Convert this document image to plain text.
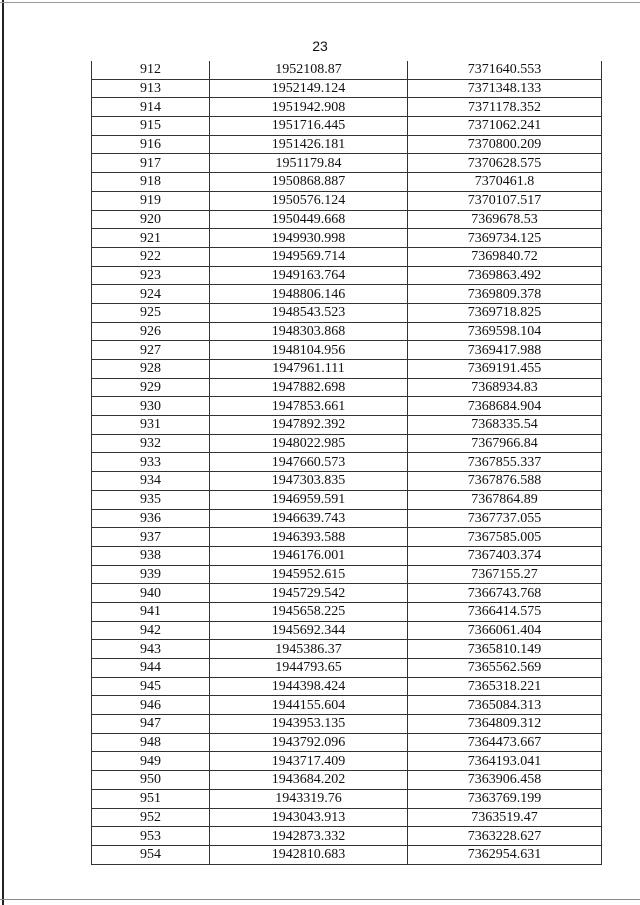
23
912	1952108.87	7371640.553
913	1952149.124	7371348.133
914	1951942.908	7371178.352
915	1951716.445	7371062.241
916	1951426.181	7370800.209
917	1951179.84	7370628.575
918	1950868.887	7370461.8
919	1950576.124	7370107.517
920	1950449.668	7369678.53
921	1949930.998	7369734.125
922	1949569.714	7369840.72
923	1949163.764	7369863.492
924	1948806.146	7369809.378
925	1948543.523	7369718.825
926	1948303.868	7369598.104
927	1948104.956	7369417.988
928	1947961.111	7369191.455
929	1947882.698	7368934.83
930	1947853.661	7368684.904
931	1947892.392	7368335.54
932	1948022.985	7367966.84
933	1947660.573	7367855.337
934	1947303.835	7367876.588
935	1946959.591	7367864.89
936	1946639.743	7367737.055
937	1946393.588	7367585.005
938	1946176.001	7367403.374
939	1945952.615	7367155.27
940	1945729.542	7366743.768
941	1945658.225	7366414.575
942	1945692.344	7366061.404
943	1945386.37	7365810.149
944	1944793.65	7365562.569
945	1944398.424	7365318.221
946	1944155.604	7365084.313
947	1943953.135	7364809.312
948	1943792.096	7364473.667
949	1943717.409	7364193.041
950	1943684.202	7363906.458
951	1943319.76	7363769.199
952	1943043.913	7363519.47
953	1942873.332	7363228.627
954	1942810.683	7362954.631
